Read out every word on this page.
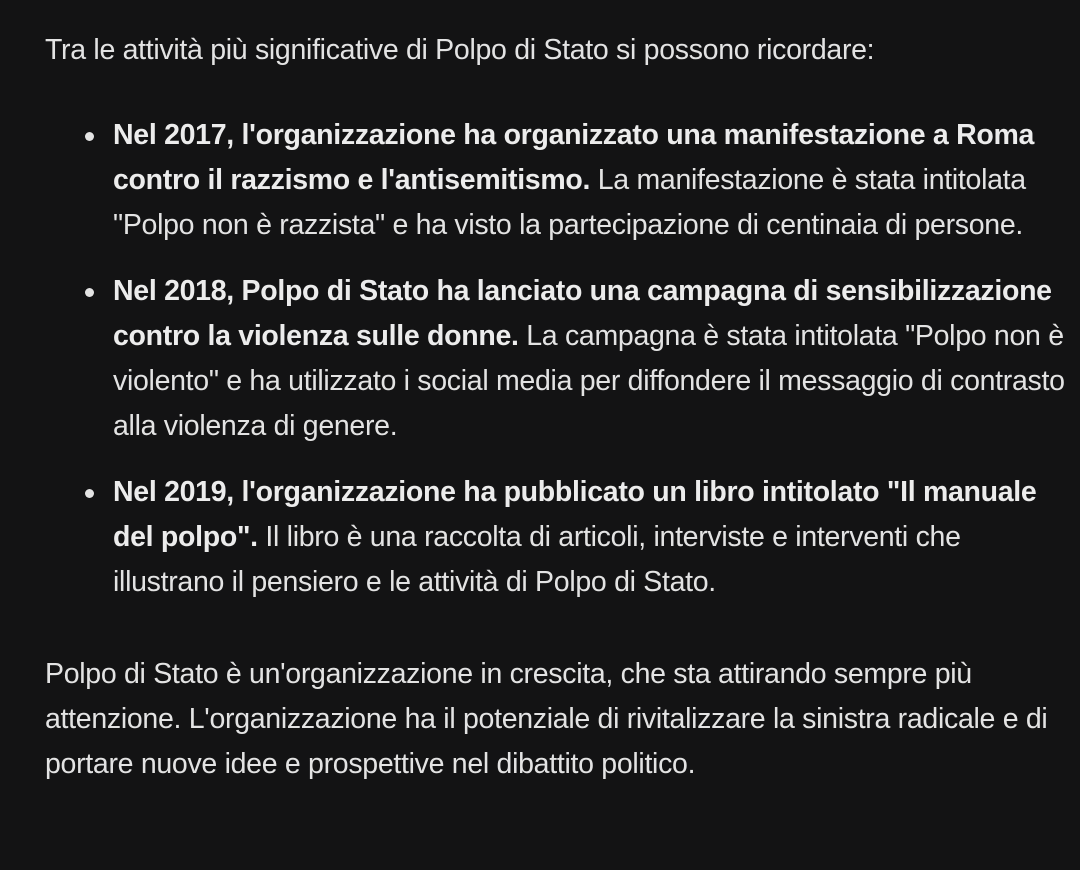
Tra le attività più significative di Polpo di Stato si possono ricordare:

Nel 2017, l'organizzazione ha organizzato una manifestazione a Roma contro il razzismo e l'antisemitismo. La manifestazione è stata intitolata "Polpo non è razzista" e ha visto la partecipazione di centinaia di persone.
Nel 2018, Polpo di Stato ha lanciato una campagna di sensibilizzazione contro la violenza sulle donne. La campagna è stata intitolata "Polpo non è violento" e ha utilizzato i social media per diffondere il messaggio di contrasto alla violenza di genere.
Nel 2019, l'organizzazione ha pubblicato un libro intitolato "Il manuale del polpo". Il libro è una raccolta di articoli, interviste e interventi che illustrano il pensiero e le attività di Polpo di Stato.

Polpo di Stato è un'organizzazione in crescita, che sta attirando sempre più attenzione. L'organizzazione ha il potenziale di rivitalizzare la sinistra radicale e di portare nuove idee e prospettive nel dibattito politico.
